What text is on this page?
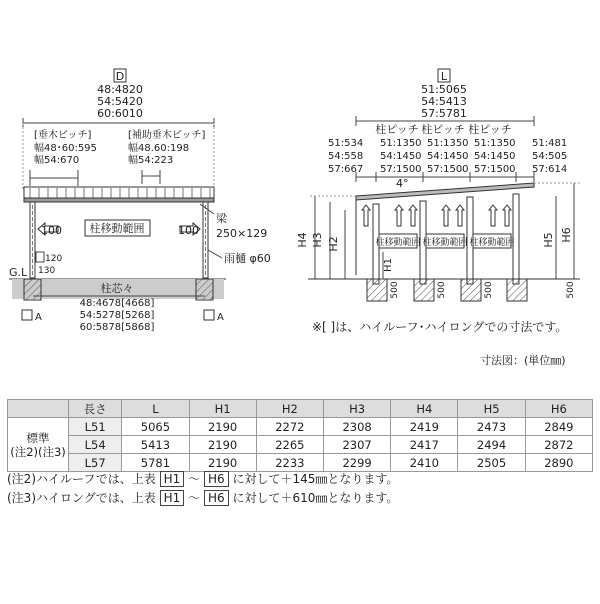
D
48:4820
54:5420
60:6010
[垂木ピッチ]
幅48･60:595
幅54:670
[補助垂木ピッチ]
幅48.60:198
幅54:223
100	柱移動範囲	100
梁
250×129
雨樋 φ60
120
130
G.L
柱芯々
48:4678[4668]
54:5278[5268]
60:5878[5868]
A	A
L
51:5065
54:5413
57:5781
柱ピッチ 柱ピッチ 柱ピッチ
51:534
54:558
57:667
51:1350
54:1450
57:1500
51:1350
54:1450
57:1500
51:1350
54:1450
57:1500
51:481
54:505
57:614
4°
柱移動範囲 柱移動範囲 柱移動範囲
H4 H3 H2
H1
H5 H6
500	500	500	500
※[ ]は、ハイルーフ･ハイロングでの寸法です。
寸法図：(単位㎜)
	長さ	L	H1	H2	H3	H4	H5	H6

標準
(注2)(注3)	L51	5065	2190	2272	2308	2419	2473	2849
	L54	5413	2190	2265	2307	2417	2494	2872
	L57	5781	2190	2233	2299	2410	2505	2890
(注2)ハイルーフでは、上表 H1 ～ H6 に対して＋145㎜となります。
(注3)ハイロングでは、上表 H1 ～ H6 に対して＋610㎜となります。
